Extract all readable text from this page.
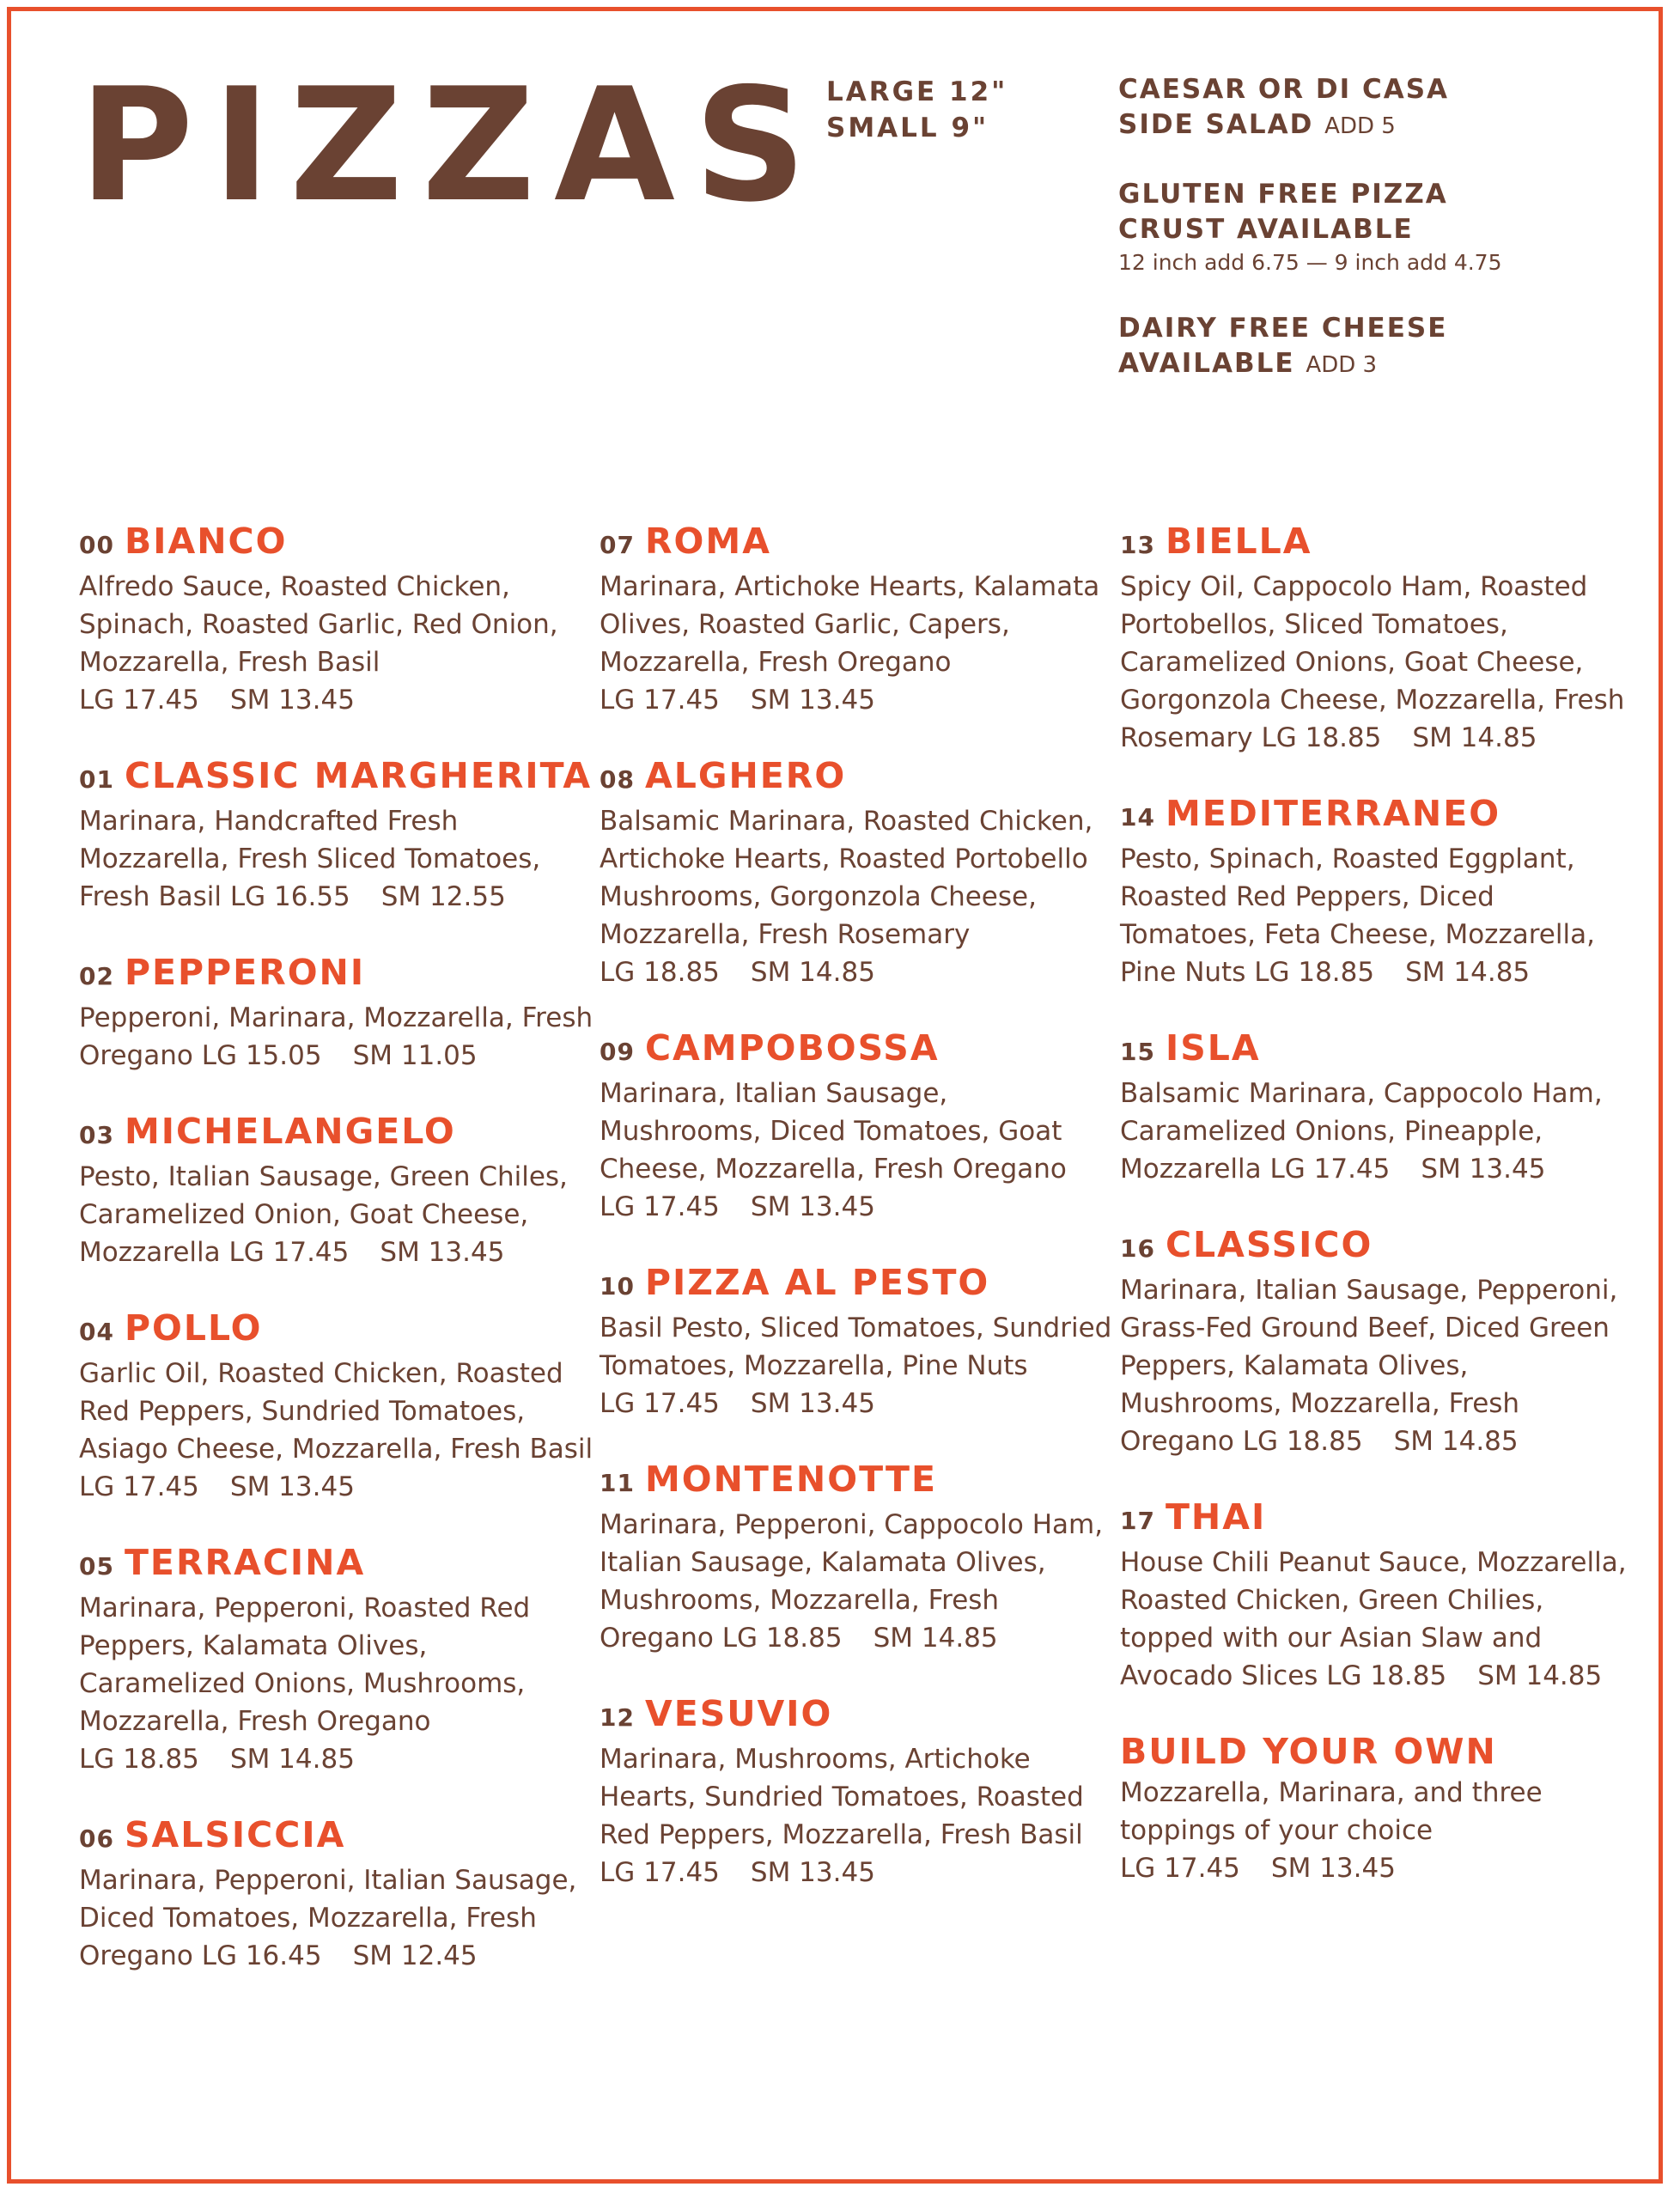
PIZZAS LARGE 12"
SMALL 9"
CAESAR OR DI CASA
SIDE SALAD ADD 5
GLUTEN FREE PIZZA
CRUST AVAILABLE
12 inch add 6.75 — 9 inch add 4.75
DAIRY FREE CHEESE
AVAILABLE ADD 3
00 BIANCO
Alfredo Sauce, Roasted Chicken, Spinach, Roasted Garlic, Red Onion, Mozzarella, Fresh Basil LG 17.45 SM 13.45
01 CLASSIC MARGHERITA
Marinara, Handcrafted Fresh Mozzarella, Fresh Sliced Tomatoes, Fresh Basil LG 16.55 SM 12.55
02 PEPPERONI
Pepperoni, Marinara, Mozzarella, Fresh Oregano LG 15.05 SM 11.05
03 MICHELANGELO
Pesto, Italian Sausage, Green Chiles, Caramelized Onion, Goat Cheese, Mozzarella LG 17.45 SM 13.45
04 POLLO
Garlic Oil, Roasted Chicken, Roasted Red Peppers, Sundried Tomatoes, Asiago Cheese, Mozzarella, Fresh Basil LG 17.45 SM 13.45
05 TERRACINA
Marinara, Pepperoni, Roasted Red Peppers, Kalamata Olives, Caramelized Onions, Mushrooms, Mozzarella, Fresh Oregano LG 18.85 SM 14.85
06 SALSICCIA
Marinara, Pepperoni, Italian Sausage, Diced Tomatoes, Mozzarella, Fresh Oregano LG 16.45 SM 12.45
07 ROMA
Marinara, Artichoke Hearts, Kalamata Olives, Roasted Garlic, Capers, Mozzarella, Fresh Oregano LG 17.45 SM 13.45
08 ALGHERO
Balsamic Marinara, Roasted Chicken, Artichoke Hearts, Roasted Portobello Mushrooms, Gorgonzola Cheese, Mozzarella, Fresh Rosemary LG 18.85 SM 14.85
09 CAMPOBOSSA
Marinara, Italian Sausage, Mushrooms, Diced Tomatoes, Goat Cheese, Mozzarella, Fresh Oregano LG 17.45 SM 13.45
10 PIZZA AL PESTO
Basil Pesto, Sliced Tomatoes, Sundried Tomatoes, Mozzarella, Pine Nuts LG 17.45 SM 13.45
11 MONTENOTTE
Marinara, Pepperoni, Cappocolo Ham, Italian Sausage, Kalamata Olives, Mushrooms, Mozzarella, Fresh Oregano LG 18.85 SM 14.85
12 VESUVIO
Marinara, Mushrooms, Artichoke Hearts, Sundried Tomatoes, Roasted Red Peppers, Mozzarella, Fresh Basil LG 17.45 SM 13.45
13 BIELLA
Spicy Oil, Cappocolo Ham, Roasted Portobellos, Sliced Tomatoes, Caramelized Onions, Goat Cheese, Gorgonzola Cheese, Mozzarella, Fresh Rosemary LG 18.85 SM 14.85
14 MEDITERRANEO
Pesto, Spinach, Roasted Eggplant, Roasted Red Peppers, Diced Tomatoes, Feta Cheese, Mozzarella, Pine Nuts LG 18.85 SM 14.85
15 ISLA
Balsamic Marinara, Cappocolo Ham, Caramelized Onions, Pineapple, Mozzarella LG 17.45 SM 13.45
16 CLASSICO
Marinara, Italian Sausage, Pepperoni, Grass-Fed Ground Beef, Diced Green Peppers, Kalamata Olives, Mushrooms, Mozzarella, Fresh Oregano LG 18.85 SM 14.85
17 THAI
House Chili Peanut Sauce, Mozzarella, Roasted Chicken, Green Chilies, topped with our Asian Slaw and Avocado Slices LG 18.85 SM 14.85
BUILD YOUR OWN
Mozzarella, Marinara, and three toppings of your choice LG 17.45 SM 13.45
